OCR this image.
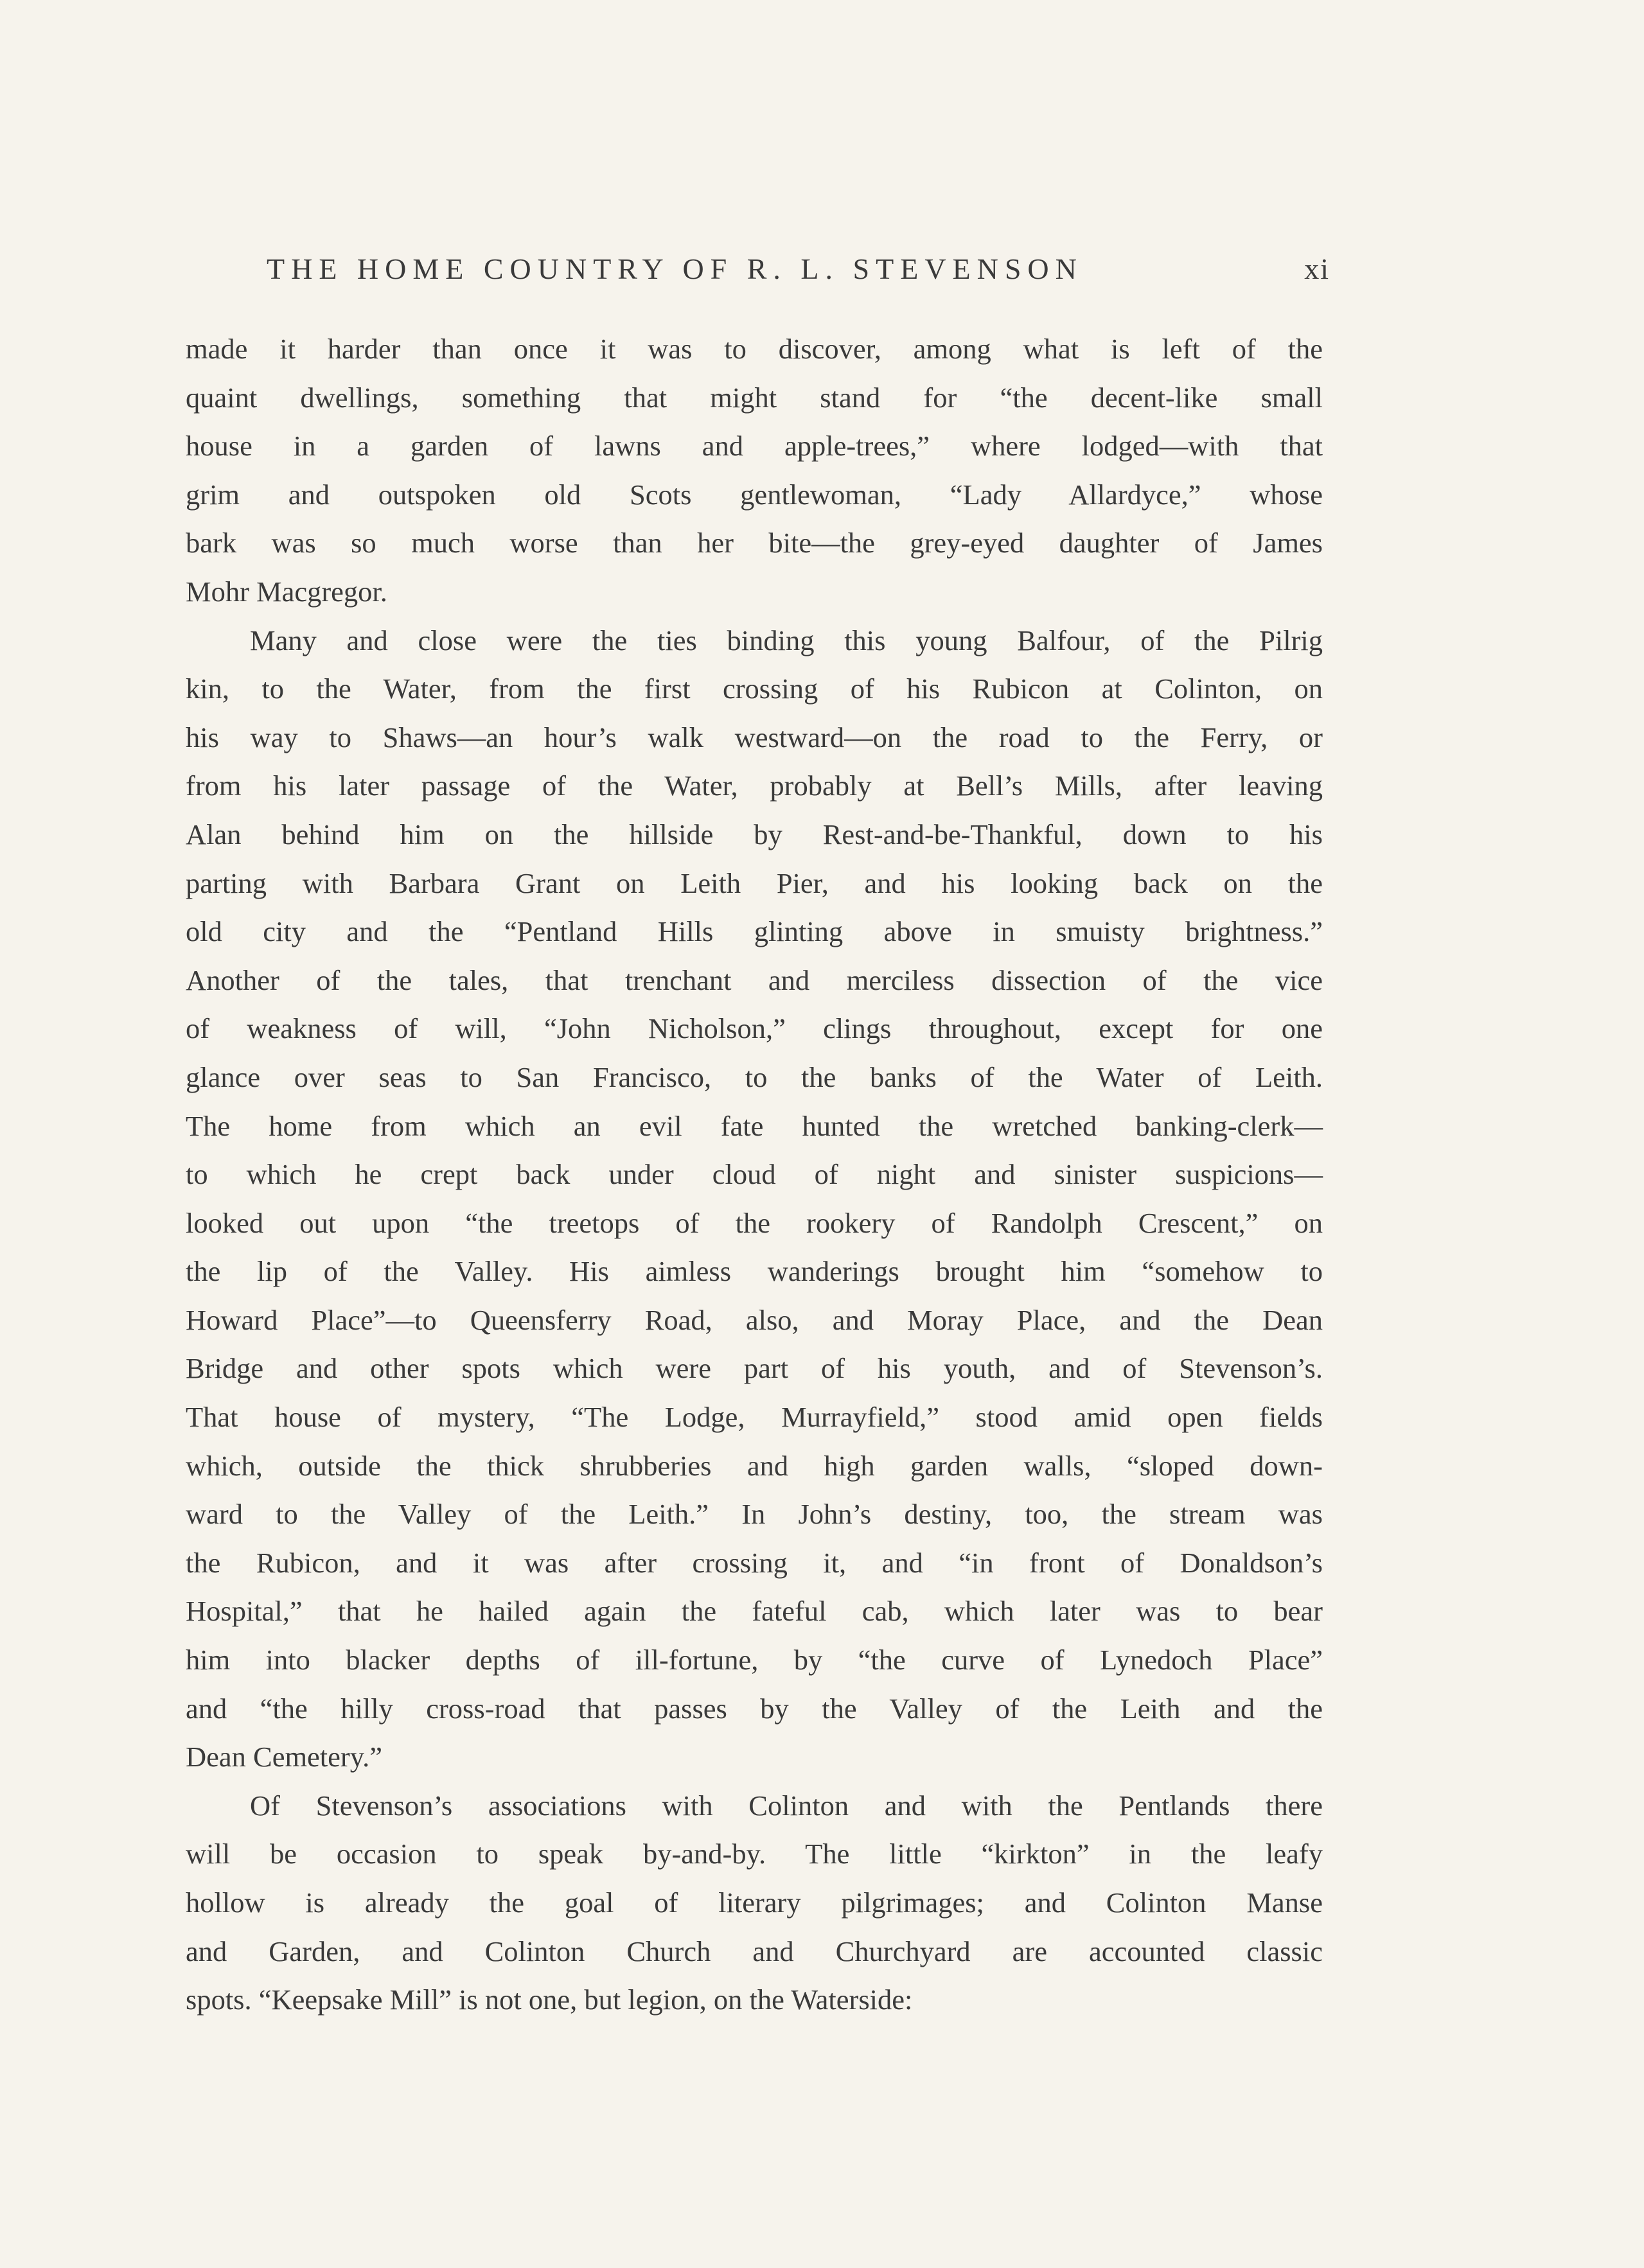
THE HOME COUNTRY OF R. L. STEVENSON	xi
made it harder than once it was to discover, among what is left of the
quaint dwellings, something that might stand for “the decent-like small
house in a garden of lawns and apple-trees,” where lodged—with that
grim and outspoken old Scots gentlewoman, “Lady Allardyce,” whose
bark was so much worse than her bite—the grey-eyed daughter of James
Mohr Macgregor.
Many and close were the ties binding this young Balfour, of the Pilrig
kin, to the Water, from the first crossing of his Rubicon at Colinton, on
his way to Shaws—an hour’s walk westward—on the road to the Ferry, or
from his later passage of the Water, probably at Bell’s Mills, after leaving
Alan behind him on the hillside by Rest-and-be-Thankful, down to his
parting with Barbara Grant on Leith Pier, and his looking back on the
old city and the “Pentland Hills glinting above in smuisty brightness.”
Another of the tales, that trenchant and merciless dissection of the vice
of weakness of will, “John Nicholson,” clings throughout, except for one
glance over seas to San Francisco, to the banks of the Water of Leith.
The home from which an evil fate hunted the wretched banking-clerk—
to which he crept back under cloud of night and sinister suspicions—
looked out upon “the treetops of the rookery of Randolph Crescent,” on
the lip of the Valley. His aimless wanderings brought him “somehow to
Howard Place”—to Queensferry Road, also, and Moray Place, and the Dean
Bridge and other spots which were part of his youth, and of Stevenson’s.
That house of mystery, “The Lodge, Murrayfield,” stood amid open fields
which, outside the thick shrubberies and high garden walls, “sloped down-
ward to the Valley of the Leith.” In John’s destiny, too, the stream was
the Rubicon, and it was after crossing it, and “in front of Donaldson’s
Hospital,” that he hailed again the fateful cab, which later was to bear
him into blacker depths of ill-fortune, by “the curve of Lynedoch Place”
and “the hilly cross-road that passes by the Valley of the Leith and the
Dean Cemetery.”
Of Stevenson’s associations with Colinton and with the Pentlands there
will be occasion to speak by-and-by. The little “kirkton” in the leafy
hollow is already the goal of literary pilgrimages; and Colinton Manse
and Garden, and Colinton Church and Churchyard are accounted classic
spots. “Keepsake Mill” is not one, but legion, on the Waterside:
